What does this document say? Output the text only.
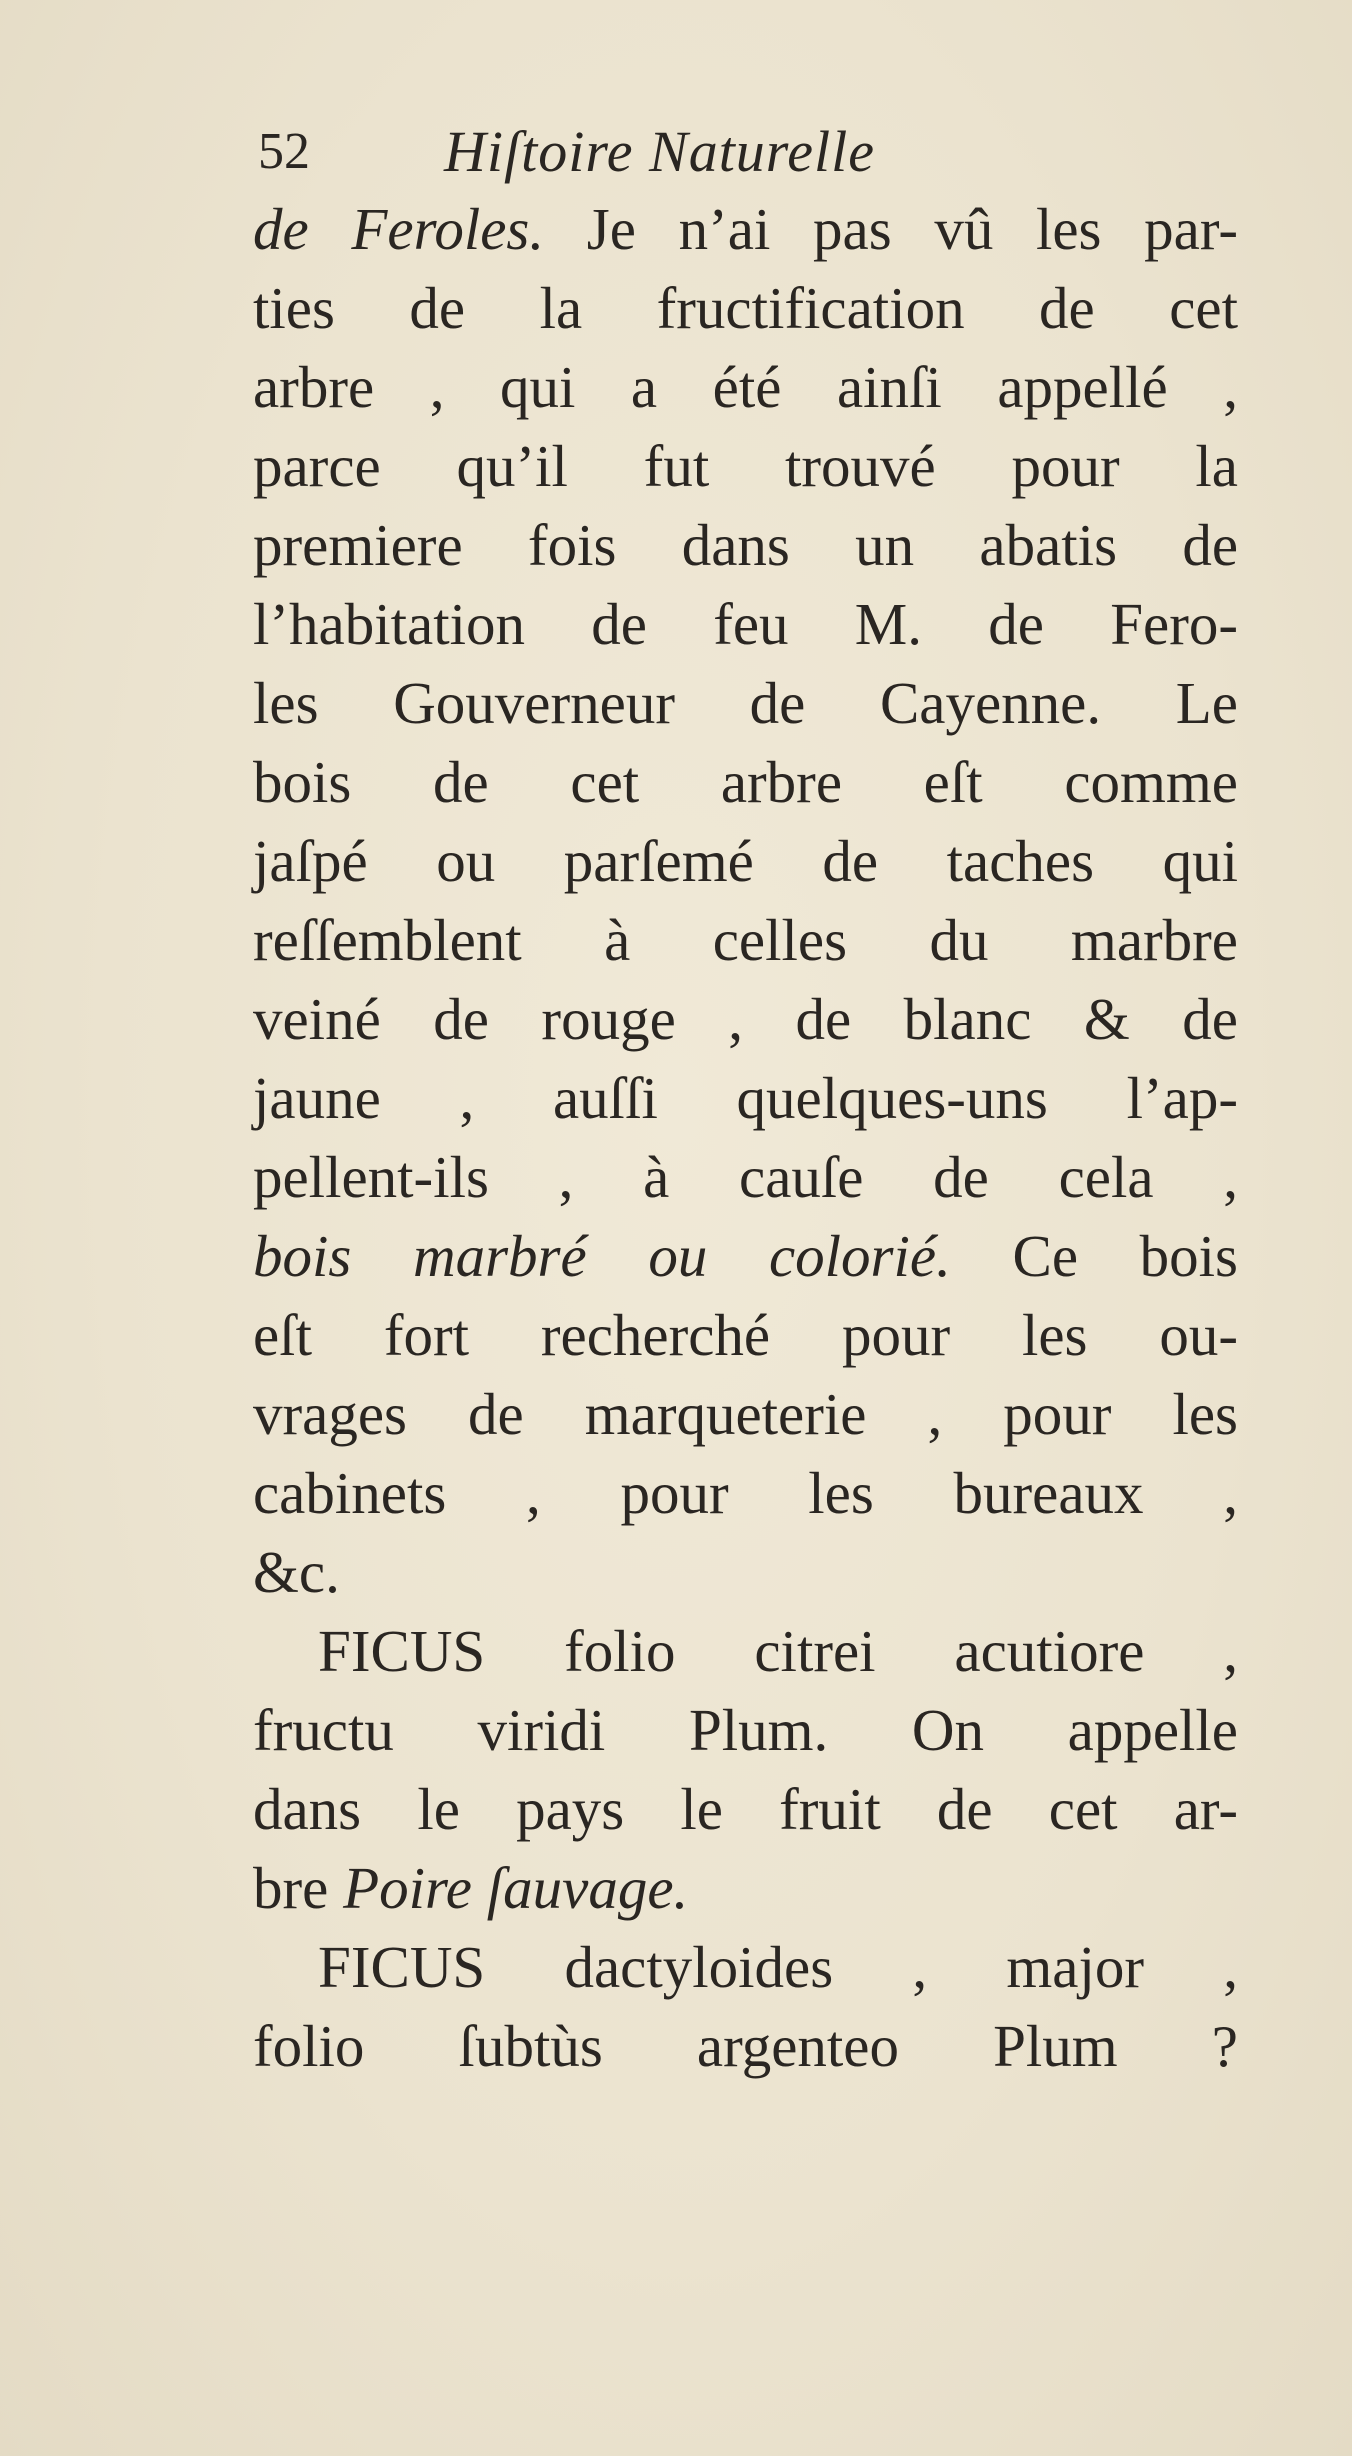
52 Hiſtoire Naturelle
de Feroles. Je n’ai pas vû les par-
ties de la fructification de cet
arbre , qui a été ainſi appellé ,
parce qu’il fut trouvé pour la
premiere fois dans un abatis de
l’habitation de feu M. de Fero-
les Gouverneur de Cayenne. Le
bois de cet arbre eſt comme
jaſpé ou parſemé de taches qui
reſſemblent à celles du marbre
veiné de rouge , de blanc & de
jaune , auſſi quelques-uns l’ap-
pellent-ils , à cauſe de cela ,
bois marbré ou colorié. Ce bois
eſt fort recherché pour les ou-
vrages de marqueterie , pour les
cabinets , pour les bureaux ,
&c.
FICUS folio citrei acutiore ,
fructu viridi Plum. On appelle
dans le pays le fruit de cet ar-
bre Poire ſauvage.
FICUS dactyloides , major ,
folio ſubtùs argenteo Plum ?
